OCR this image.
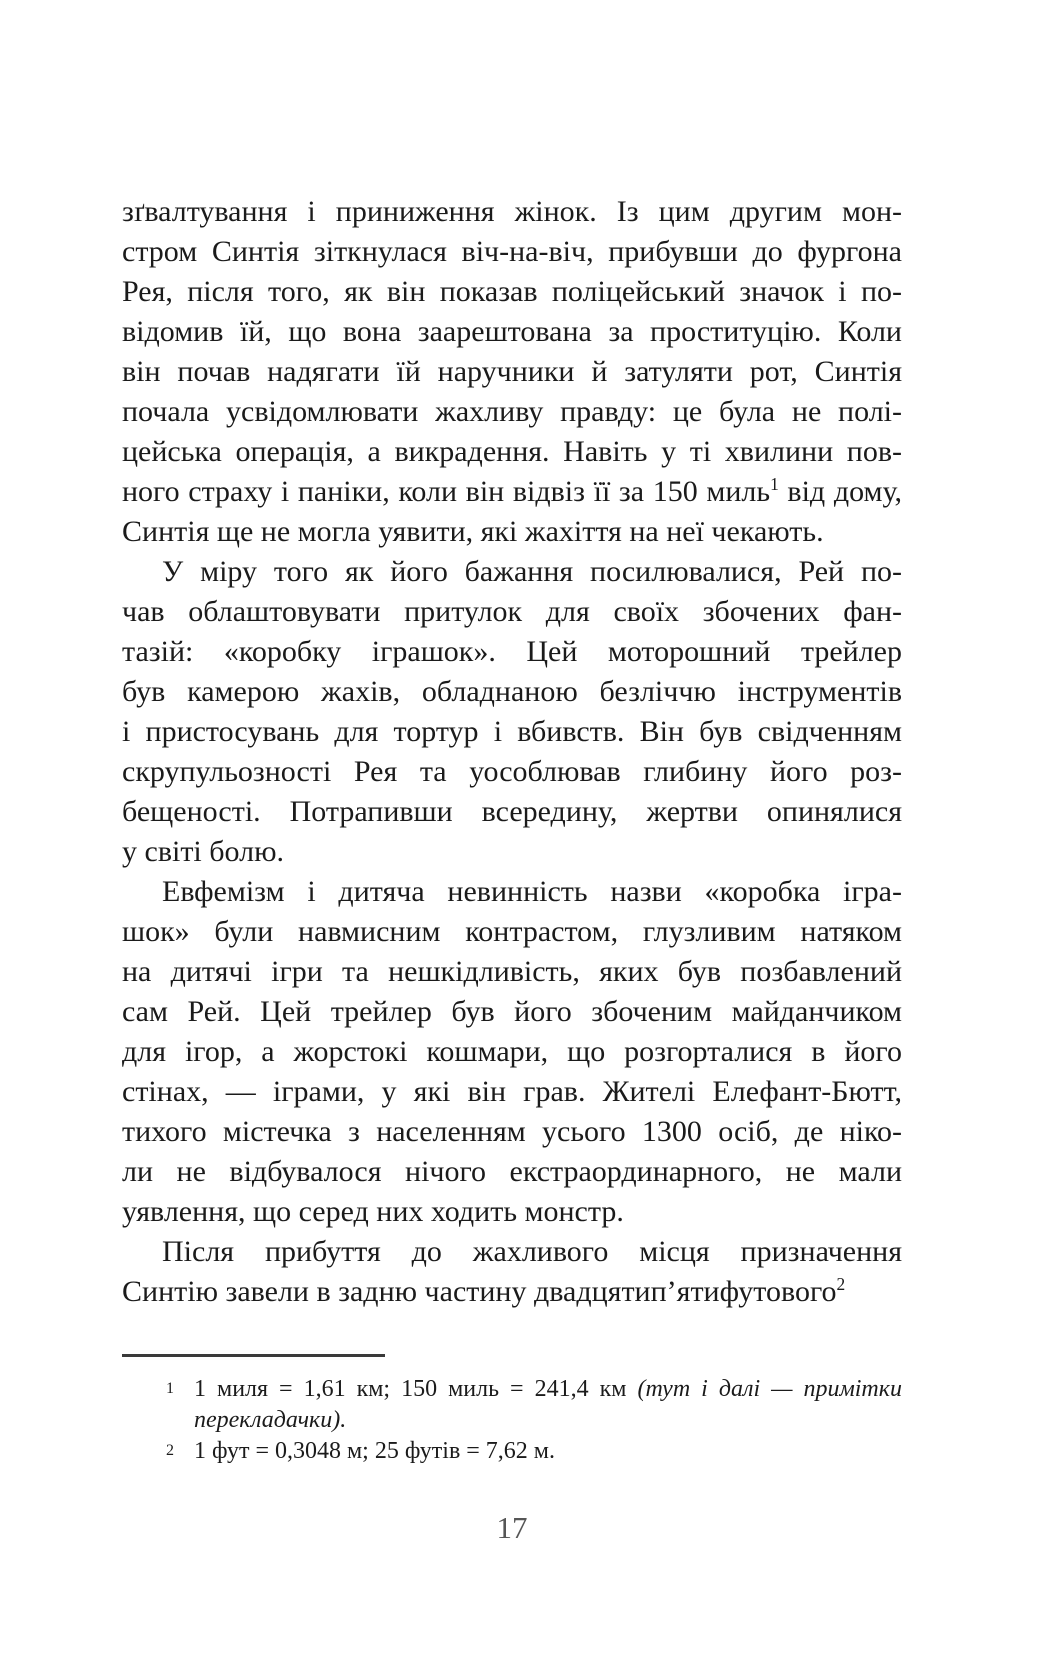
зґвалтування і приниження жінок. Із цим другим мон-
стром Синтія зіткнулася віч-на-віч, прибувши до фургона
Рея, після того, як він показав поліцейський значок і по-
відомив їй, що вона заарештована за проституцію. Коли
він почав надягати їй наручники й затуляти рот, Синтія
почала усвідомлювати жахливу правду: це була не полі-
цейська операція, а викрадення. Навіть у ті хвилини пов-
ного страху і паніки, коли він відвіз її за 150 миль$^1$ від дому,
Синтія ще не могла уявити, які жахіття на неї чекають.
У міру того як його бажання посилювалися, Рей по-
чав облаштовувати притулок для своїх збочених фан-
тазій: «коробку іграшок». Цей моторошний трейлер
був камерою жахів, обладнаною безліччю інструментів
і пристосувань для тортур і вбивств. Він був свідченням
скрупульозності Рея та уособлював глибину його роз-
бещеності. Потрапивши всередину, жертви опинялися
у світі болю.
Евфемізм і дитяча невинність назви «коробка ігра-
шок» були навмисним контрастом, глузливим натяком
на дитячі ігри та нешкідливість, яких був позбавлений
сам Рей. Цей трейлер був його збоченим майданчиком
для ігор, а жорстокі кошмари, що розгорталися в його
стінах, — іграми, у які він грав. Жителі Елефант-Бютт,
тихого містечка з населенням усього 1300 осіб, де ніко-
ли не відбувалося нічого екстраординарного, не мали
уявлення, що серед них ходить монстр.
Після прибуття до жахливого місця призначення
Синтію завели в задню частину двадцятип’ятифутового$^2$
1 1 миля = 1,61 км; 150 миль = 241,4 км (тут і далі — примітки
перекладачки).
2 1 фут = 0,3048 м; 25 футів = 7,62 м.
17
